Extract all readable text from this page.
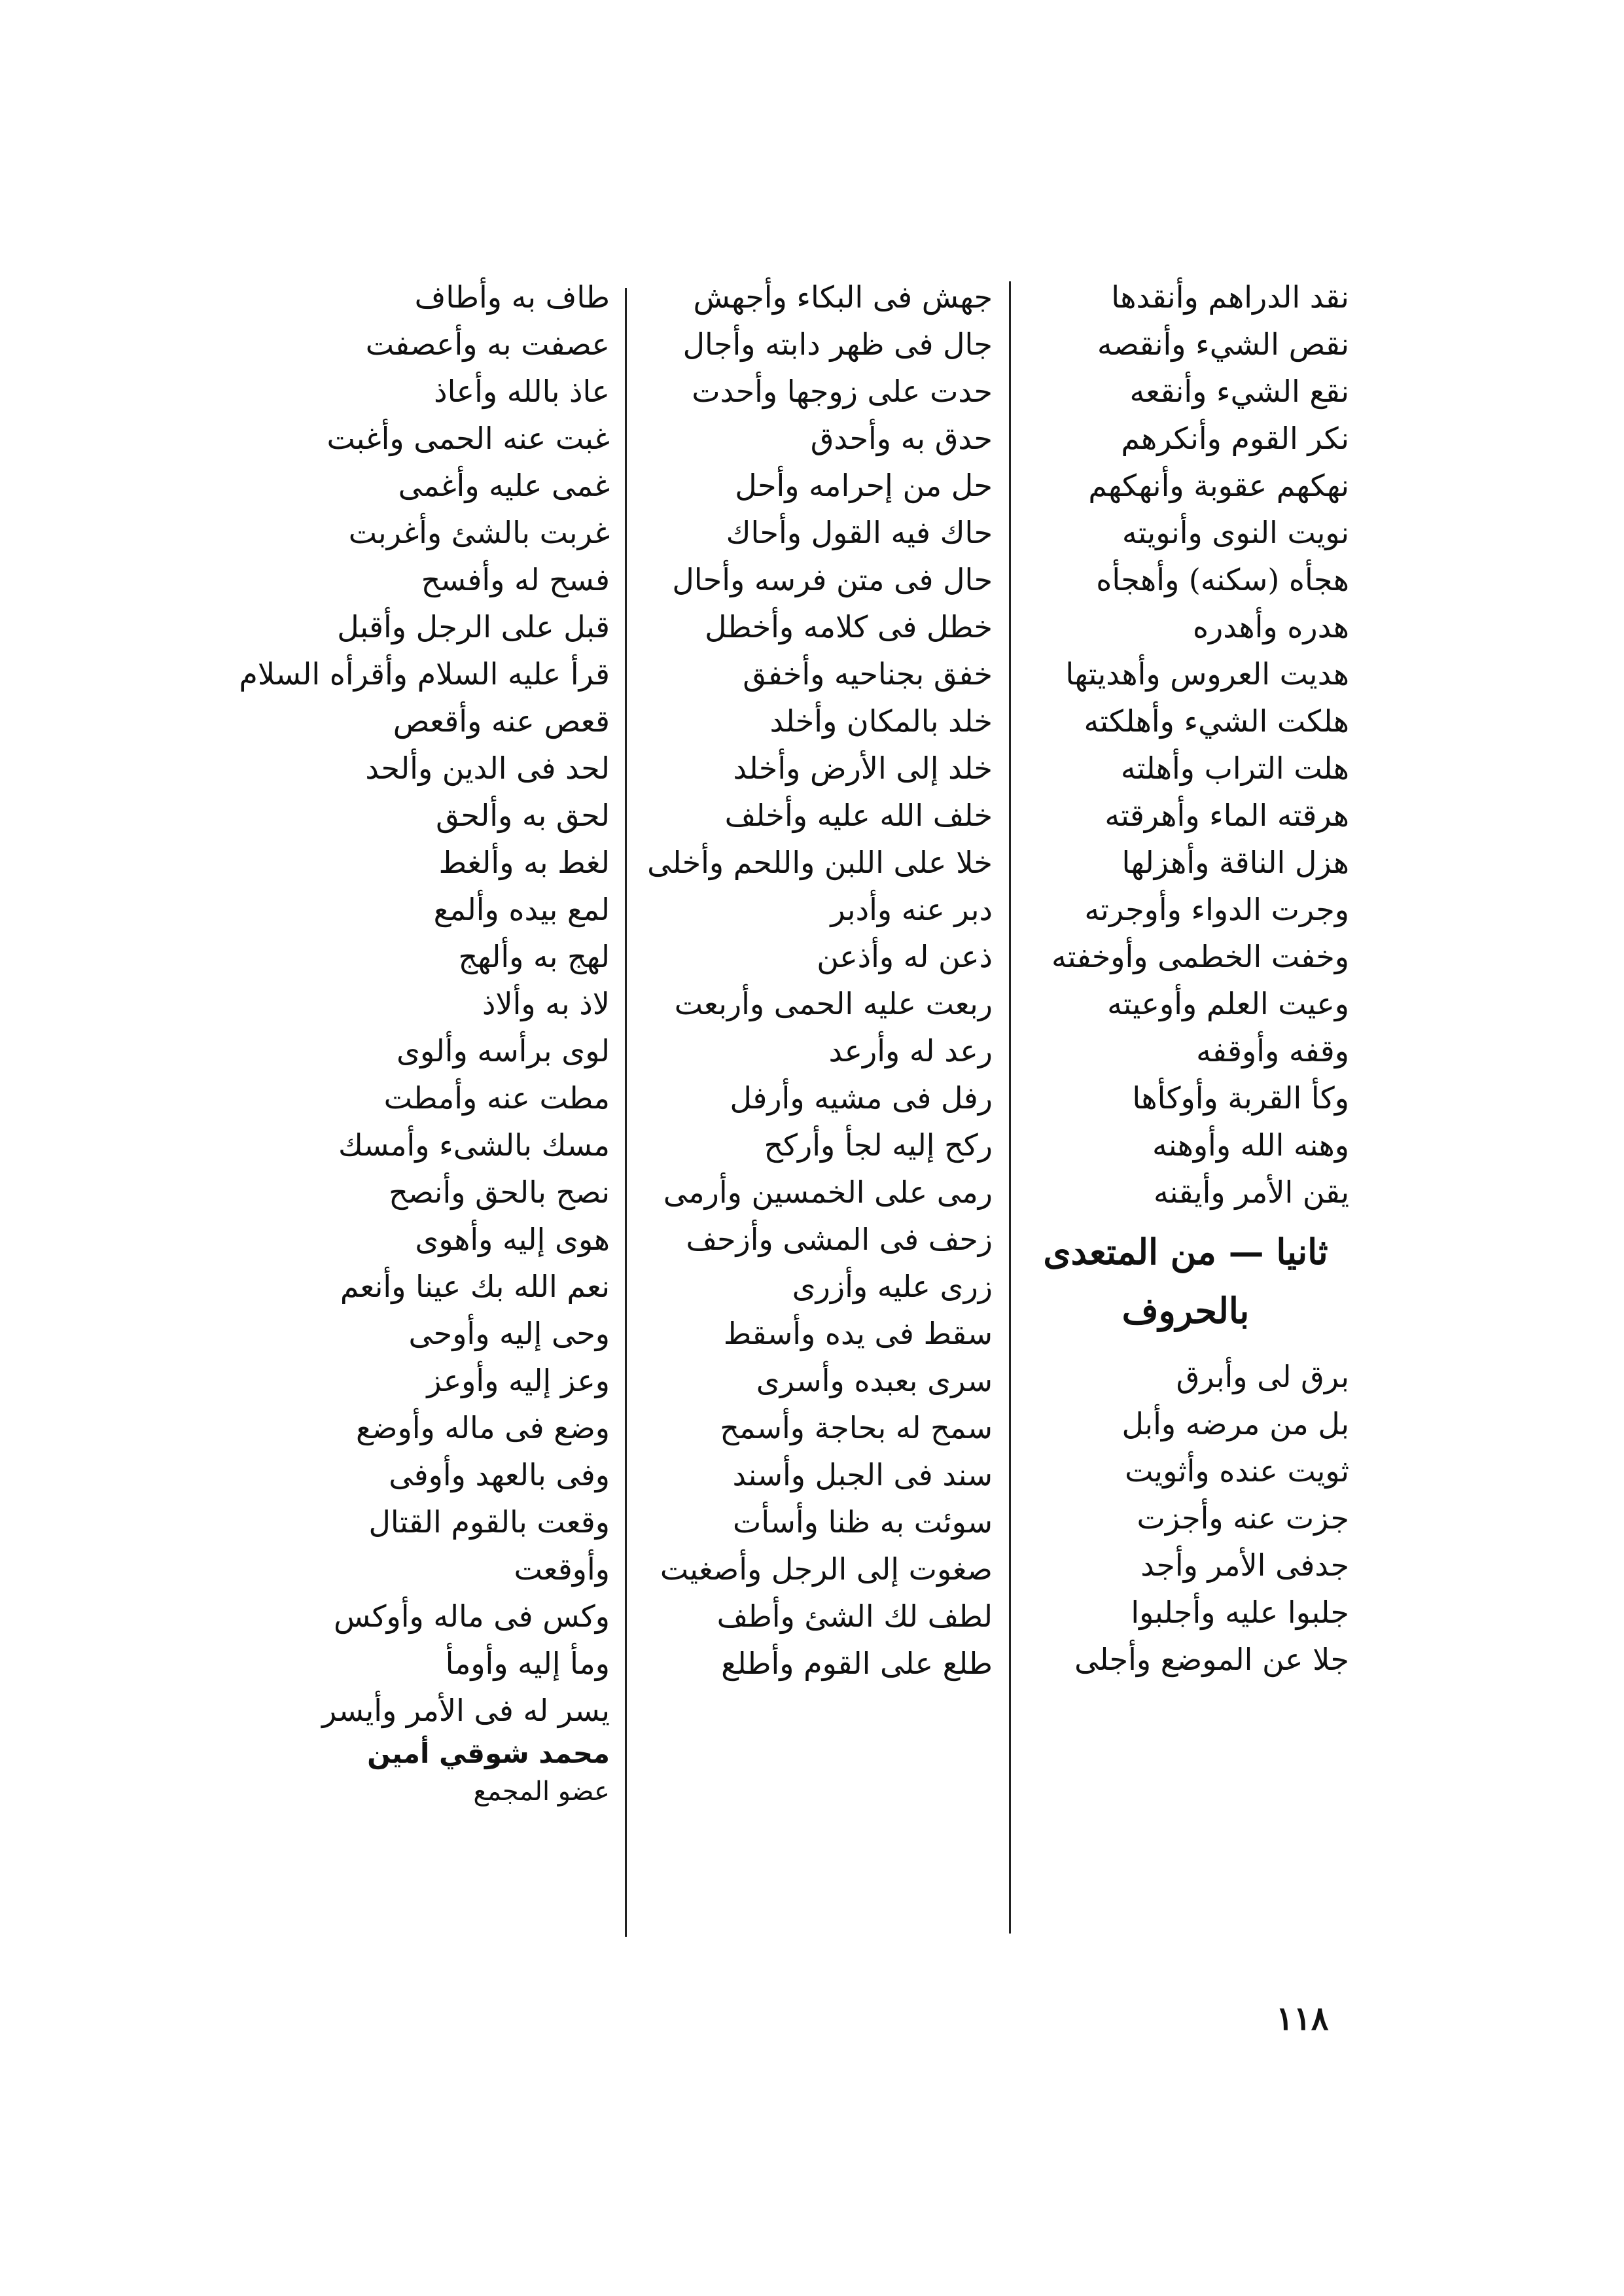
نقد الدراهم وأنقدها
نقص الشيء وأنقصه
نقع الشيء وأنقعه
نكر القوم وأنكرهم
نهكهم عقوبة وأنهكهم
نويت النوى وأنويته
هجأه (سكنه) وأهجأه
هدره وأهدره
هديت العروس وأهديتها
هلكت الشيء وأهلكته
هلت التراب وأهلته
هرقته الماء وأهرقته
هزل الناقة وأهزلها
وجرت الدواء وأوجرته
وخفت الخطمى وأوخفته
وعيت العلم وأوعيته
وقفه وأوقفه
وكأ القربة وأوكأها
وهنه الله وأوهنه
يقن الأمر وأيقنه
ثانيا — من المتعدى
بالحروف
برق لى وأبرق
بل من مرضه وأبل
ثويت عنده وأثويت
جزت عنه وأجزت
جدفى الأمر وأجد
جلبوا عليه وأجلبوا
جلا عن الموضع وأجلى
جهش فى البكاء وأجهش
جال فى ظهر دابته وأجال
حدت على زوجها وأحدت
حدق به وأحدق
حل من إحرامه وأحل
حاك فيه القول وأحاك
حال فى متن فرسه وأحال
خطل فى كلامه وأخطل
خفق بجناحيه وأخفق
خلد بالمكان وأخلد
خلد إلى الأرض وأخلد
خلف الله عليه وأخلف
خلا على اللبن واللحم وأخلى
دبر عنه وأدبر
ذعن له وأذعن
ربعت عليه الحمى وأربعت
رعد له وأرعد
رفل فى مشيه وأرفل
ركح إليه لجأ وأركح
رمى على الخمسين وأرمى
زحف فى المشى وأزحف
زرى عليه وأزرى
سقط فى يده وأسقط
سرى بعبده وأسرى
سمح له بحاجة وأسمح
سند فى الجبل وأسند
سوئت به ظنا وأسأت
صغوت إلى الرجل وأصغيت
لطف لك الشئ وأطف
طلع على القوم وأطلع
طاف به وأطاف
عصفت به وأعصفت
عاذ بالله وأعاذ
غبت عنه الحمى وأغبت
غمى عليه وأغمى
غربت بالشئ وأغربت
فسح له وأفسح
قبل على الرجل وأقبل
قرأ عليه السلام وأقرأه السلام
قعص عنه وأقعص
لحد فى الدين وألحد
لحق به وألحق
لغط به وألغط
لمع بيده وألمع
لهج به وألهج
لاذ به وألاذ
لوى برأسه وألوى
مطت عنه وأمطت
مسك بالشىء وأمسك
نصح بالحق وأنصح
هوى إليه وأهوى
نعم الله بك عينا وأنعم
وحى إليه وأوحى
وعز إليه وأوعز
وضع فى ماله وأوضع
وفى بالعهد وأوفى
وقعت بالقوم القتال
وأوقعت
وكس فى ماله وأوكس
ومأ إليه وأومأ
يسر له فى الأمر وأيسر
محمد شوقي أمين
عضو المجمع
١١٨
